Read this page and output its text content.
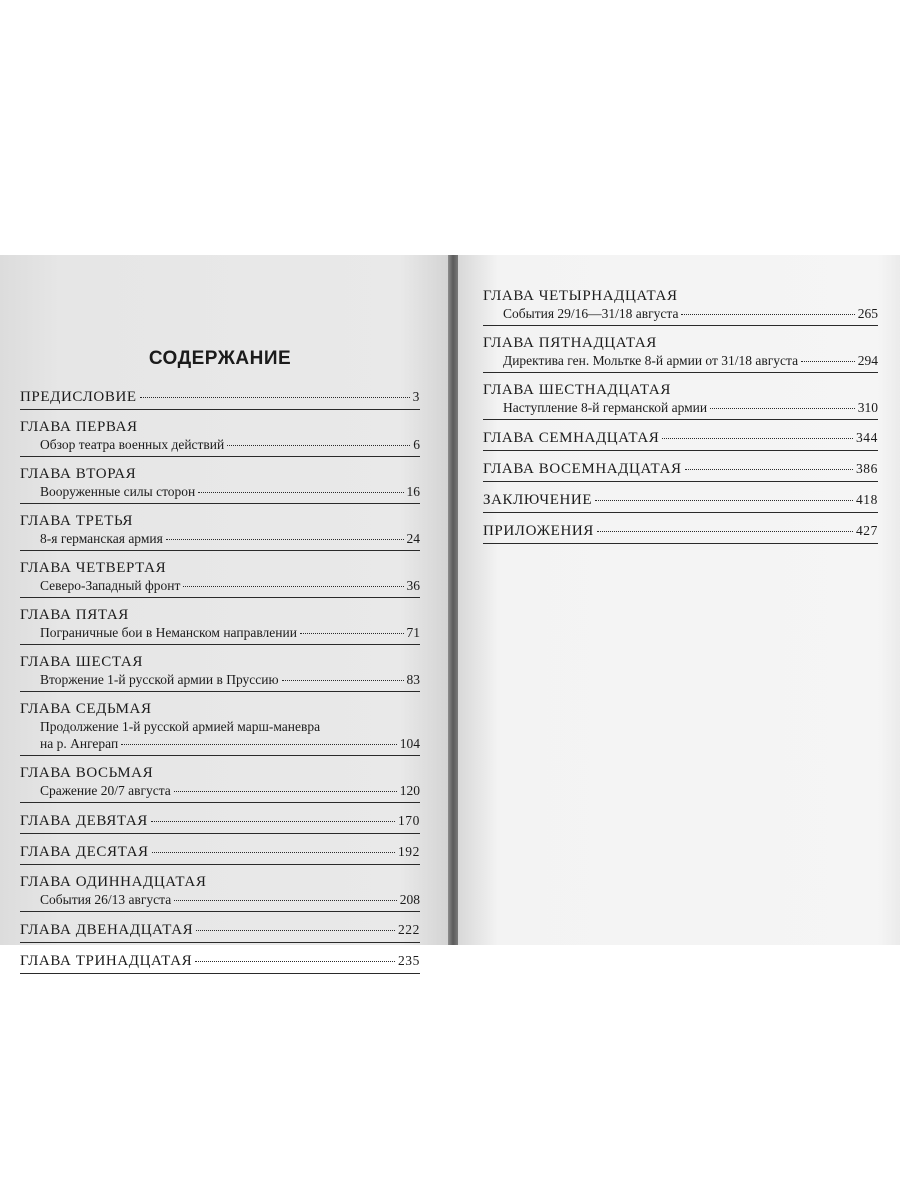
СОДЕРЖАНИЕ
ПРЕДИСЛОВИЕ	3
ГЛАВА ПЕРВАЯ
Обзор театра военных действий	6
ГЛАВА ВТОРАЯ
Вооруженные силы сторон	16
ГЛАВА ТРЕТЬЯ
8-я германская армия	24
ГЛАВА ЧЕТВЕРТАЯ
Северо-Западный фронт	36
ГЛАВА ПЯТАЯ
Пограничные бои в Неманском направлении	71
ГЛАВА ШЕСТАЯ
Вторжение 1-й русской армии в Пруссию	83
ГЛАВА СЕДЬМАЯ
Продолжение 1-й русской армией марш-маневра
на р. Ангерап	104
ГЛАВА ВОСЬМАЯ
Сражение 20/7 августа	120
ГЛАВА ДЕВЯТАЯ	170
ГЛАВА ДЕСЯТАЯ	192
ГЛАВА ОДИННАДЦАТАЯ
События 26/13 августа	208
ГЛАВА ДВЕНАДЦАТАЯ	222
ГЛАВА ТРИНАДЦАТАЯ	235
ГЛАВА ЧЕТЫРНАДЦАТАЯ
События 29/16—31/18 августа	265
ГЛАВА ПЯТНАДЦАТАЯ
Директива ген. Мольтке 8-й армии от 31/18 августа	294
ГЛАВА ШЕСТНАДЦАТАЯ
Наступление 8-й германской армии	310
ГЛАВА СЕМНАДЦАТАЯ	344
ГЛАВА ВОСЕМНАДЦАТАЯ	386
ЗАКЛЮЧЕНИЕ	418
ПРИЛОЖЕНИЯ	427
